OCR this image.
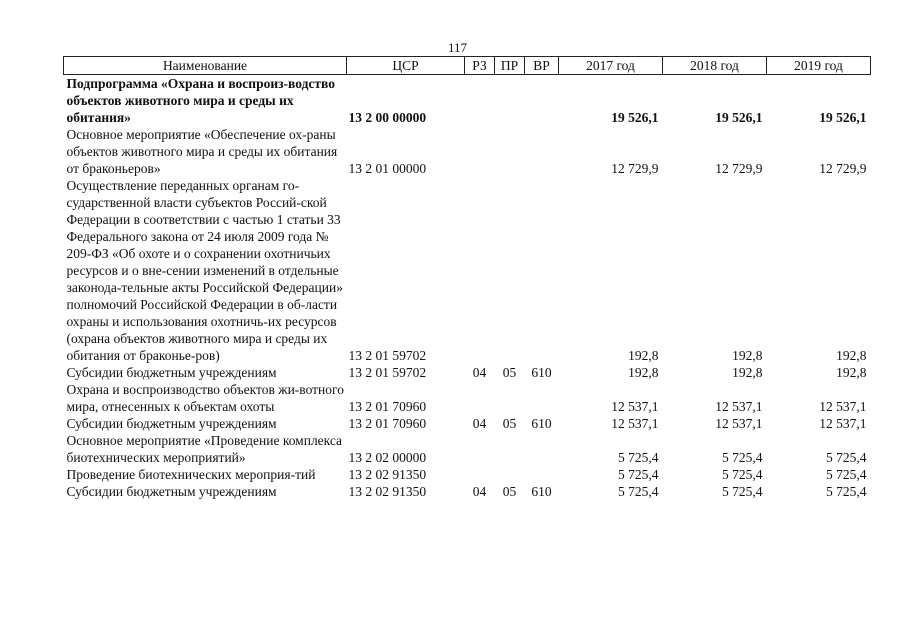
117
Наименование	ЦСР	РЗ	ПР	ВР	2017 год	2018 год	2019 год
Подпрограмма «Охрана и воспроиз-водство объектов животного мира и среды их обитания»	13 2 00 00000				19 526,1	19 526,1	19 526,1
Основное мероприятие «Обеспечение ох-раны объектов животного мира и среды их обитания от браконьеров»	13 2 01 00000				12 729,9	12 729,9	12 729,9
Осуществление переданных органам го-сударственной власти субъектов Россий-ской Федерации в соответствии с частью 1 статьи 33 Федерального закона от 24 июля 2009 года № 209-ФЗ «Об охоте и о сохранении охотничьих ресурсов и о вне-сении изменений в отдельные законода-тельные акты Российской Федерации» полномочий Российской Федерации в об-ласти охраны и использования охотничь-их ресурсов (охрана объектов животного мира и среды их обитания от браконье-ров)	13 2 01 59702				192,8	192,8	192,8
Субсидии бюджетным учреждениям	13 2 01 59702	04	05	610	192,8	192,8	192,8
Охрана и воспроизводство объектов жи-вотного мира, отнесенных к объектам охоты	13 2 01 70960				12 537,1	12 537,1	12 537,1
Субсидии бюджетным учреждениям	13 2 01 70960	04	05	610	12 537,1	12 537,1	12 537,1
Основное мероприятие «Проведение комплекса биотехнических мероприятий»	13 2 02 00000				5 725,4	5 725,4	5 725,4
Проведение биотехнических мероприя-тий	13 2 02 91350				5 725,4	5 725,4	5 725,4
Субсидии бюджетным учреждениям	13 2 02 91350	04	05	610	5 725,4	5 725,4	5 725,4
